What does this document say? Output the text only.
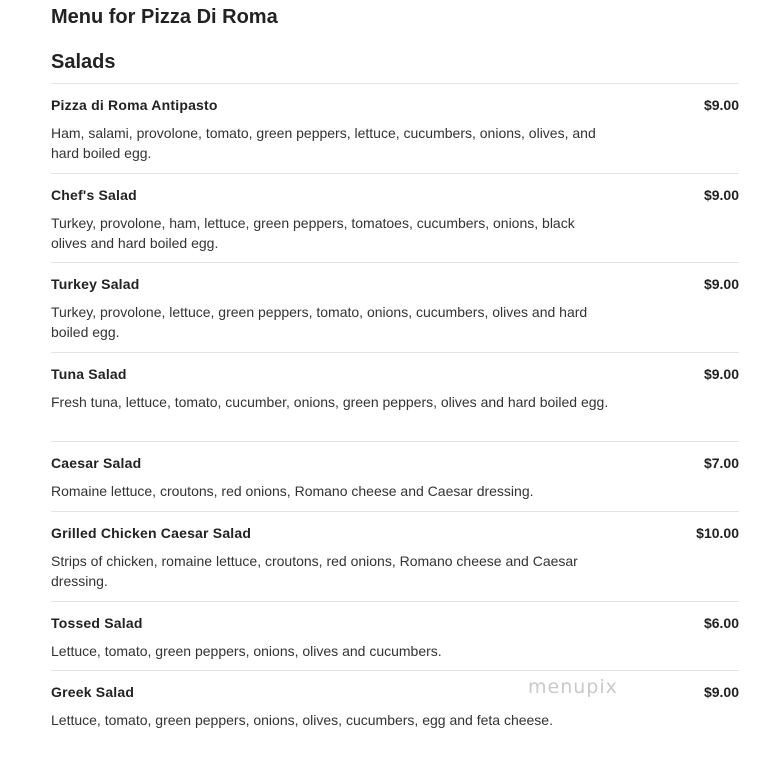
Menu for Pizza Di Roma
Salads
Pizza di Roma Antipasto	$9.00
Ham, salami, provolone, tomato, green peppers, lettuce, cucumbers, onions, olives, and hard boiled egg.
Chef's Salad	$9.00
Turkey, provolone, ham, lettuce, green peppers, tomatoes, cucumbers, onions, black olives and hard boiled egg.
Turkey Salad	$9.00
Turkey, provolone, lettuce, green peppers, tomato, onions, cucumbers, olives and hard boiled egg.
Tuna Salad	$9.00
Fresh tuna, lettuce, tomato, cucumber, onions, green peppers, olives and hard boiled egg.
Caesar Salad	$7.00
Romaine lettuce, croutons, red onions, Romano cheese and Caesar dressing.
Grilled Chicken Caesar Salad	$10.00
Strips of chicken, romaine lettuce, croutons, red onions, Romano cheese and Caesar dressing.
Tossed Salad	$6.00
Lettuce, tomato, green peppers, onions, olives and cucumbers.
Greek Salad	$9.00
Lettuce, tomato, green peppers, onions, olives, cucumbers, egg and feta cheese.
menupix
